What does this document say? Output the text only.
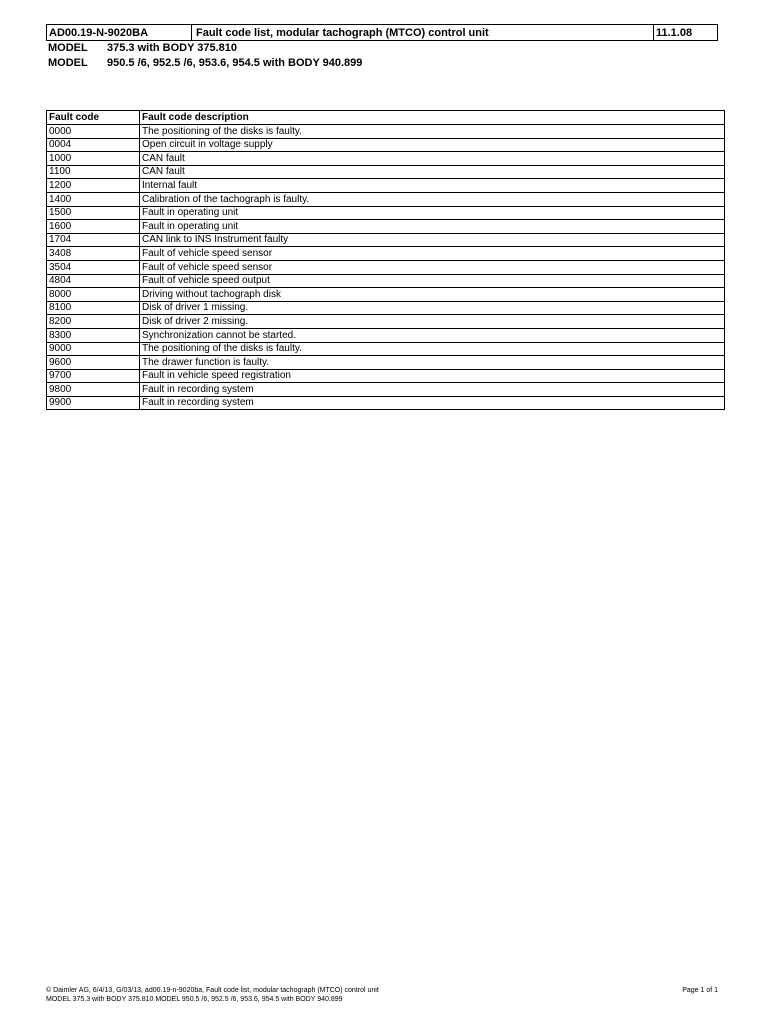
AD00.19-N-9020BA	Fault code list, modular tachograph (MTCO) control unit	11.1.08
MODEL 375.3 with BODY 375.810
MODEL 950.5 /6, 952.5 /6, 953.6, 954.5 with BODY 940.899
Fault code	Fault code description
0000	The positioning of the disks is faulty.
0004	Open circuit in voltage supply
1000	CAN fault
1100	CAN fault
1200	Internal fault
1400	Calibration of the tachograph is faulty.
1500	Fault in operating unit
1600	Fault in operating unit
1704	CAN link to INS Instrument faulty
3408	Fault of vehicle speed sensor
3504	Fault of vehicle speed sensor
4804	Fault of vehicle speed output
8000	Driving without tachograph disk
8100	Disk of driver 1 missing.
8200	Disk of driver 2 missing.
8300	Synchronization cannot be started.
9000	The positioning of the disks is faulty.
9600	The drawer function is faulty.
9700	Fault in vehicle speed registration
9800	Fault in recording system
9900	Fault in recording system
© Daimler AG, 6/4/13, G/03/13, ad00.19-n-9020ba, Fault code list, modular tachograph (MTCO) control unit	Page 1 of 1
MODEL 375.3 with BODY 375.810 MODEL 950.5 /6, 952.5 /6, 953.6, 954.5 with BODY 940.899
